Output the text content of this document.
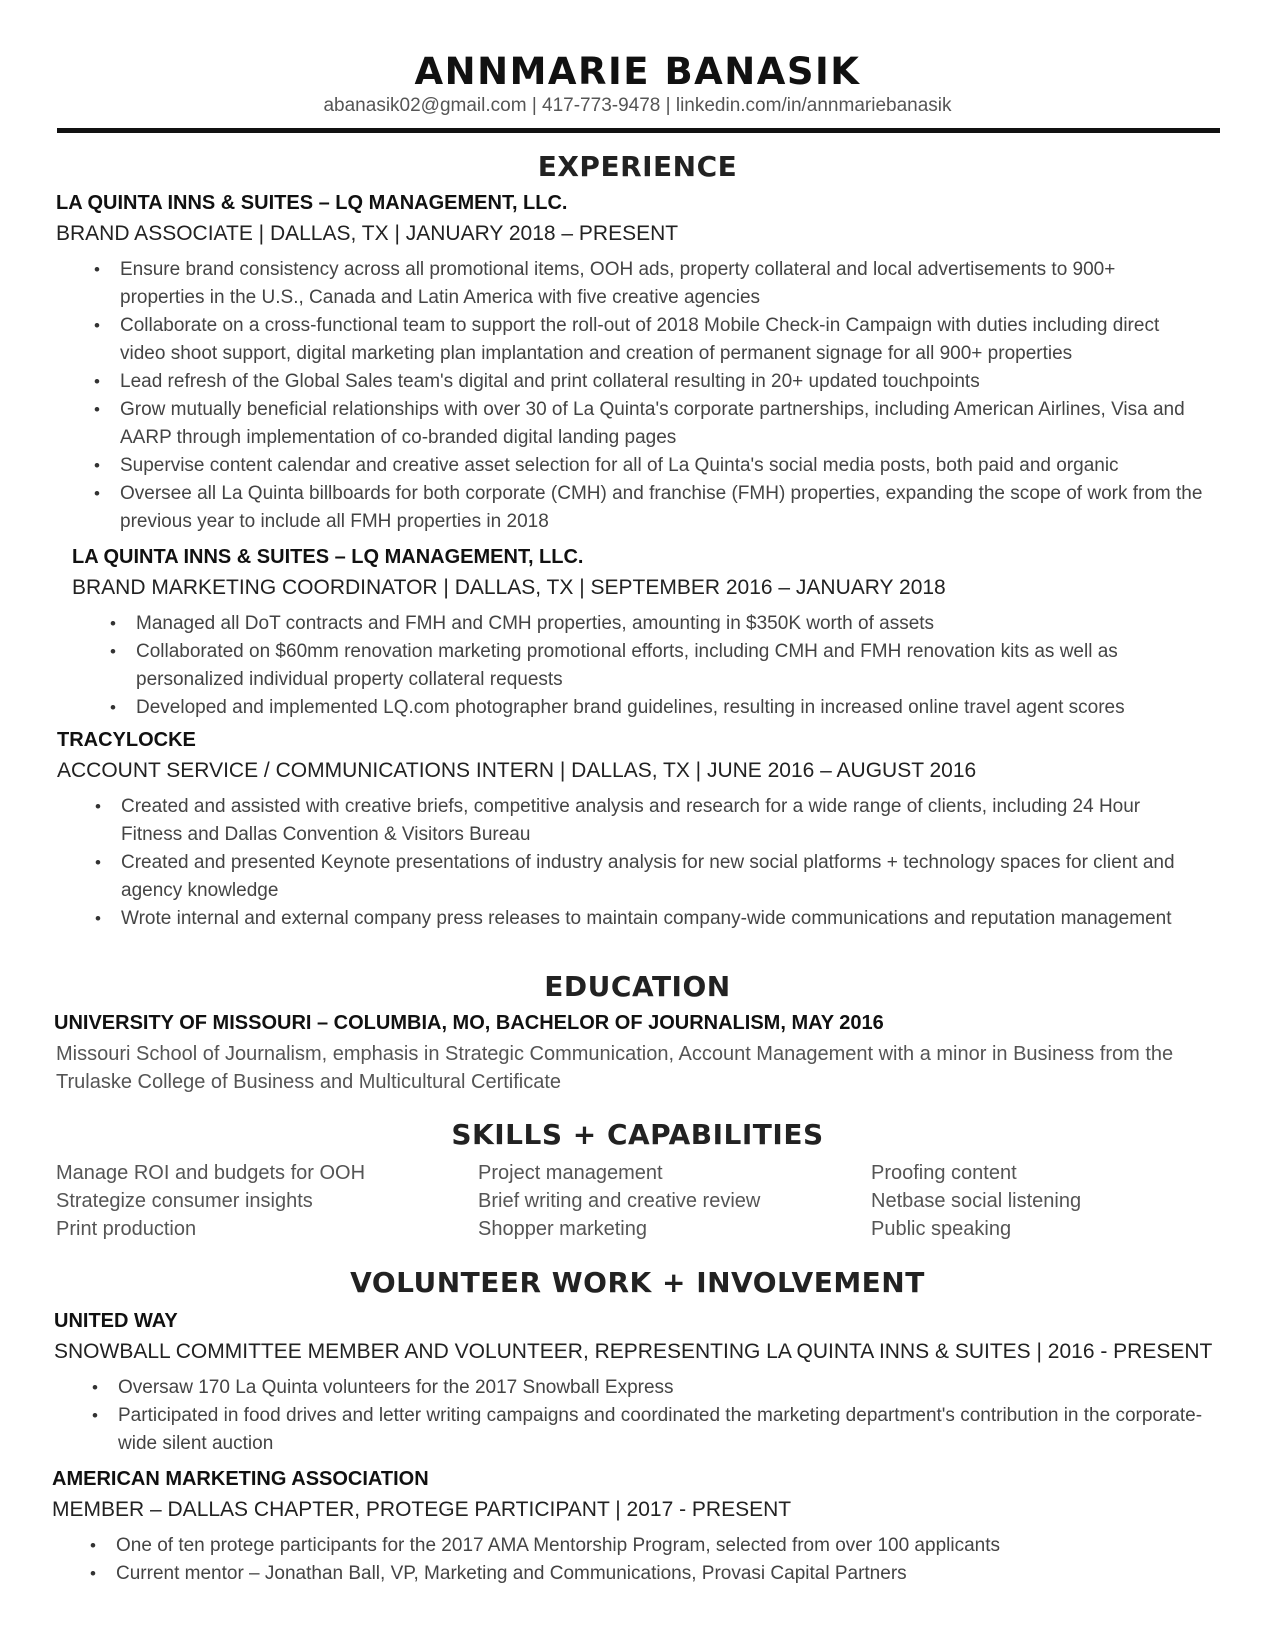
ANNMARIE BANASIK
abanasik02@gmail.com | 417-773-9478 | linkedin.com/in/annmariebanasik
EXPERIENCE
LA QUINTA INNS & SUITES – LQ MANAGEMENT, LLC.
BRAND ASSOCIATE | DALLAS, TX | JANUARY 2018 – PRESENT
• Ensure brand consistency across all promotional items, OOH ads, property collateral and local advertisements to 900+ properties in the U.S., Canada and Latin America with five creative agencies
• Collaborate on a cross-functional team to support the roll-out of 2018 Mobile Check-in Campaign with duties including direct video shoot support, digital marketing plan implantation and creation of permanent signage for all 900+ properties
• Lead refresh of the Global Sales team's digital and print collateral resulting in 20+ updated touchpoints
• Grow mutually beneficial relationships with over 30 of La Quinta's corporate partnerships, including American Airlines, Visa and AARP through implementation of co-branded digital landing pages
• Supervise content calendar and creative asset selection for all of La Quinta's social media posts, both paid and organic
• Oversee all La Quinta billboards for both corporate (CMH) and franchise (FMH) properties, expanding the scope of work from the previous year to include all FMH properties in 2018
LA QUINTA INNS & SUITES – LQ MANAGEMENT, LLC.
BRAND MARKETING COORDINATOR | DALLAS, TX | SEPTEMBER 2016 – JANUARY 2018
• Managed all DoT contracts and FMH and CMH properties, amounting in $350K worth of assets
• Collaborated on $60mm renovation marketing promotional efforts, including CMH and FMH renovation kits as well as personalized individual property collateral requests
• Developed and implemented LQ.com photographer brand guidelines, resulting in increased online travel agent scores
TRACYLOCKE
ACCOUNT SERVICE / COMMUNICATIONS INTERN | DALLAS, TX | JUNE 2016 – AUGUST 2016
• Created and assisted with creative briefs, competitive analysis and research for a wide range of clients, including 24 Hour Fitness and Dallas Convention & Visitors Bureau
• Created and presented Keynote presentations of industry analysis for new social platforms + technology spaces for client and agency knowledge
• Wrote internal and external company press releases to maintain company-wide communications and reputation management
EDUCATION
UNIVERSITY OF MISSOURI – COLUMBIA, MO, BACHELOR OF JOURNALISM, MAY 2016
Missouri School of Journalism, emphasis in Strategic Communication, Account Management with a minor in Business from the Trulaske College of Business and Multicultural Certificate
SKILLS + CAPABILITIES
Manage ROI and budgets for OOH
Strategize consumer insights
Print production
Project management
Brief writing and creative review
Shopper marketing
Proofing content
Netbase social listening
Public speaking
VOLUNTEER WORK + INVOLVEMENT
UNITED WAY
SNOWBALL COMMITTEE MEMBER AND VOLUNTEER, REPRESENTING LA QUINTA INNS & SUITES | 2016 - PRESENT
• Oversaw 170 La Quinta volunteers for the 2017 Snowball Express
• Participated in food drives and letter writing campaigns and coordinated the marketing department's contribution in the corporate-wide silent auction
AMERICAN MARKETING ASSOCIATION
MEMBER – DALLAS CHAPTER, PROTEGE PARTICIPANT | 2017 - PRESENT
• One of ten protege participants for the 2017 AMA Mentorship Program, selected from over 100 applicants
• Current mentor – Jonathan Ball, VP, Marketing and Communications, Provasi Capital Partners
